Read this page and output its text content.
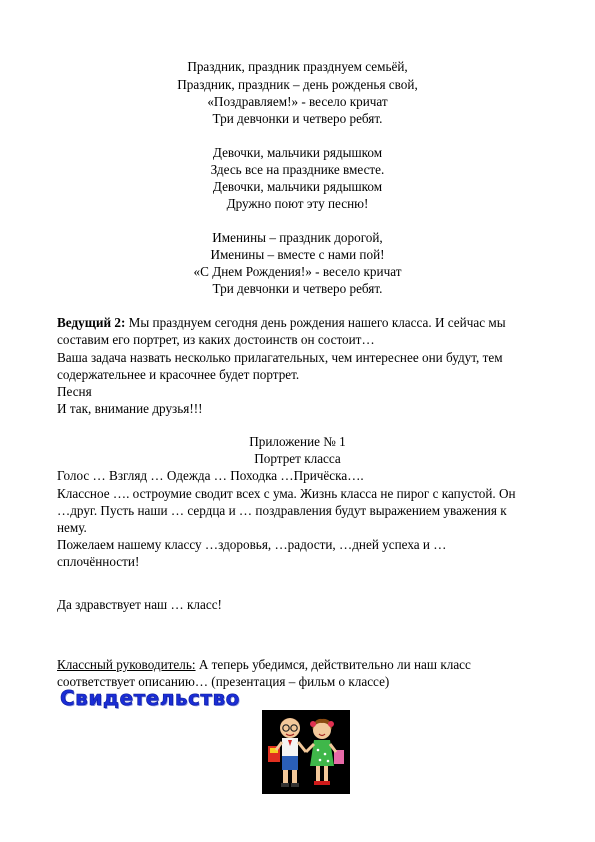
Праздник, праздник празднуем семьёй,
Праздник, праздник – день рожденья свой,
«Поздравляем!» - весело кричат
Три девчонки и четверо ребят.
Девочки, мальчики рядышком
Здесь все на празднике вместе.
Девочки, мальчики рядышком
Дружно поют эту песню!
Именины – праздник дорогой,
Именины – вместе с нами пой!
«С Днем Рождения!» - весело кричат
Три девчонки и четверо ребят.
Ведущий 2: Мы празднуем сегодня день рождения нашего класса. И сейчас мы
составим его портрет, из каких достоинств он состоит…
Ваша задача назвать несколько прилагательных, чем интереснее они будут, тем
содержательнее и красочнее будет портрет.
Песня
И так, внимание друзья!!!
Приложение № 1
Портрет класса
Голос … Взгляд … Одежда … Походка …Причёска….
Классное …. остроумие сводит всех с ума. Жизнь класса не пирог с капустой. Он
…друг. Пусть наши … сердца и … поздравления будут выражением уважения к
нему.
Пожелаем нашему классу …здоровья, …радости, …дней успеха и …
сплочённости!
Да здравствует наш … класс!
Классный руководитель: А теперь убедимся, действительно ли наш класс
соответствует описанию… (презентация – фильм о классе)
Свидетельство
